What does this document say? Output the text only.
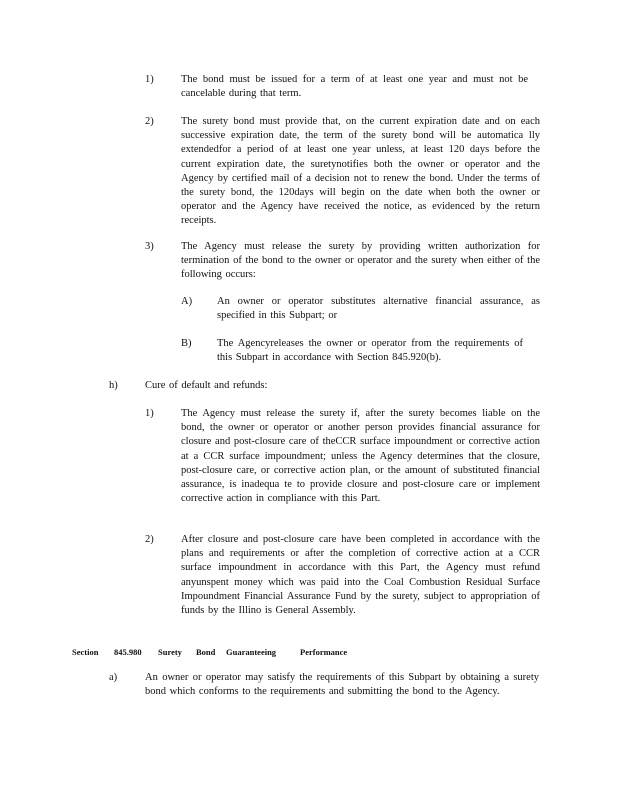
1)	The bond must be issued for a term of at least one year and must not be cancelable during that term.
2)	The surety bond must provide that, on the current expiration date and on each successive expiration date, the term of the surety bond will be automatica lly extendedfor a period of at least one year unless, at least 120 days before the current expiration date, the suretynotifies both the owner or operator and the Agency by certified mail of a decision not to renew the bond. Under the terms of the surety bond, the 120days will begin on the date when both the owner or operator and the Agency have received the notice, as evidenced by the return receipts.
3)	The Agency must release the surety by providing written authorization for termination of the bond to the owner or operator and the surety when either of the following occurs:
A) An owner or operator substitutes alternative financial assurance, as specified in this Subpart; or
B) The Agencyreleases the owner or operator from the requirements of this Subpart in accordance with Section 845.920(b).
h)	Cure of default and refunds:
1)	The Agency must release the surety if, after the surety becomes liable on the bond, the owner or operator or another person provides financial assurance for closure and post-closure care of theCCR surface impoundment or corrective action at a CCR surface impoundment; unless the Agency determines that the closure, post-closure care, or corrective action plan, or the amount of substituted financial assurance, is inadequa te to provide closure and post-closure care or implement corrective action in compliance with this Part.
2)	After closure and post-closure care have been completed in accordance with the plans and requirements or after the completion of corrective action at a CCR surface impoundment in accordance with this Part, the Agency must refund anyunspent money which was paid into the Coal Combustion Residual Surface Impoundment Financial Assurance Fund by the surety, subject to appropriation of funds by the Illino is General Assembly.
Section 845.980 Surety Bond Guaranteeing	Performance
a)	An owner or operator may satisfy the requirements of this Subpart by obtaining a surety bond which conforms to the requirements and submitting the bond to the Agency.
